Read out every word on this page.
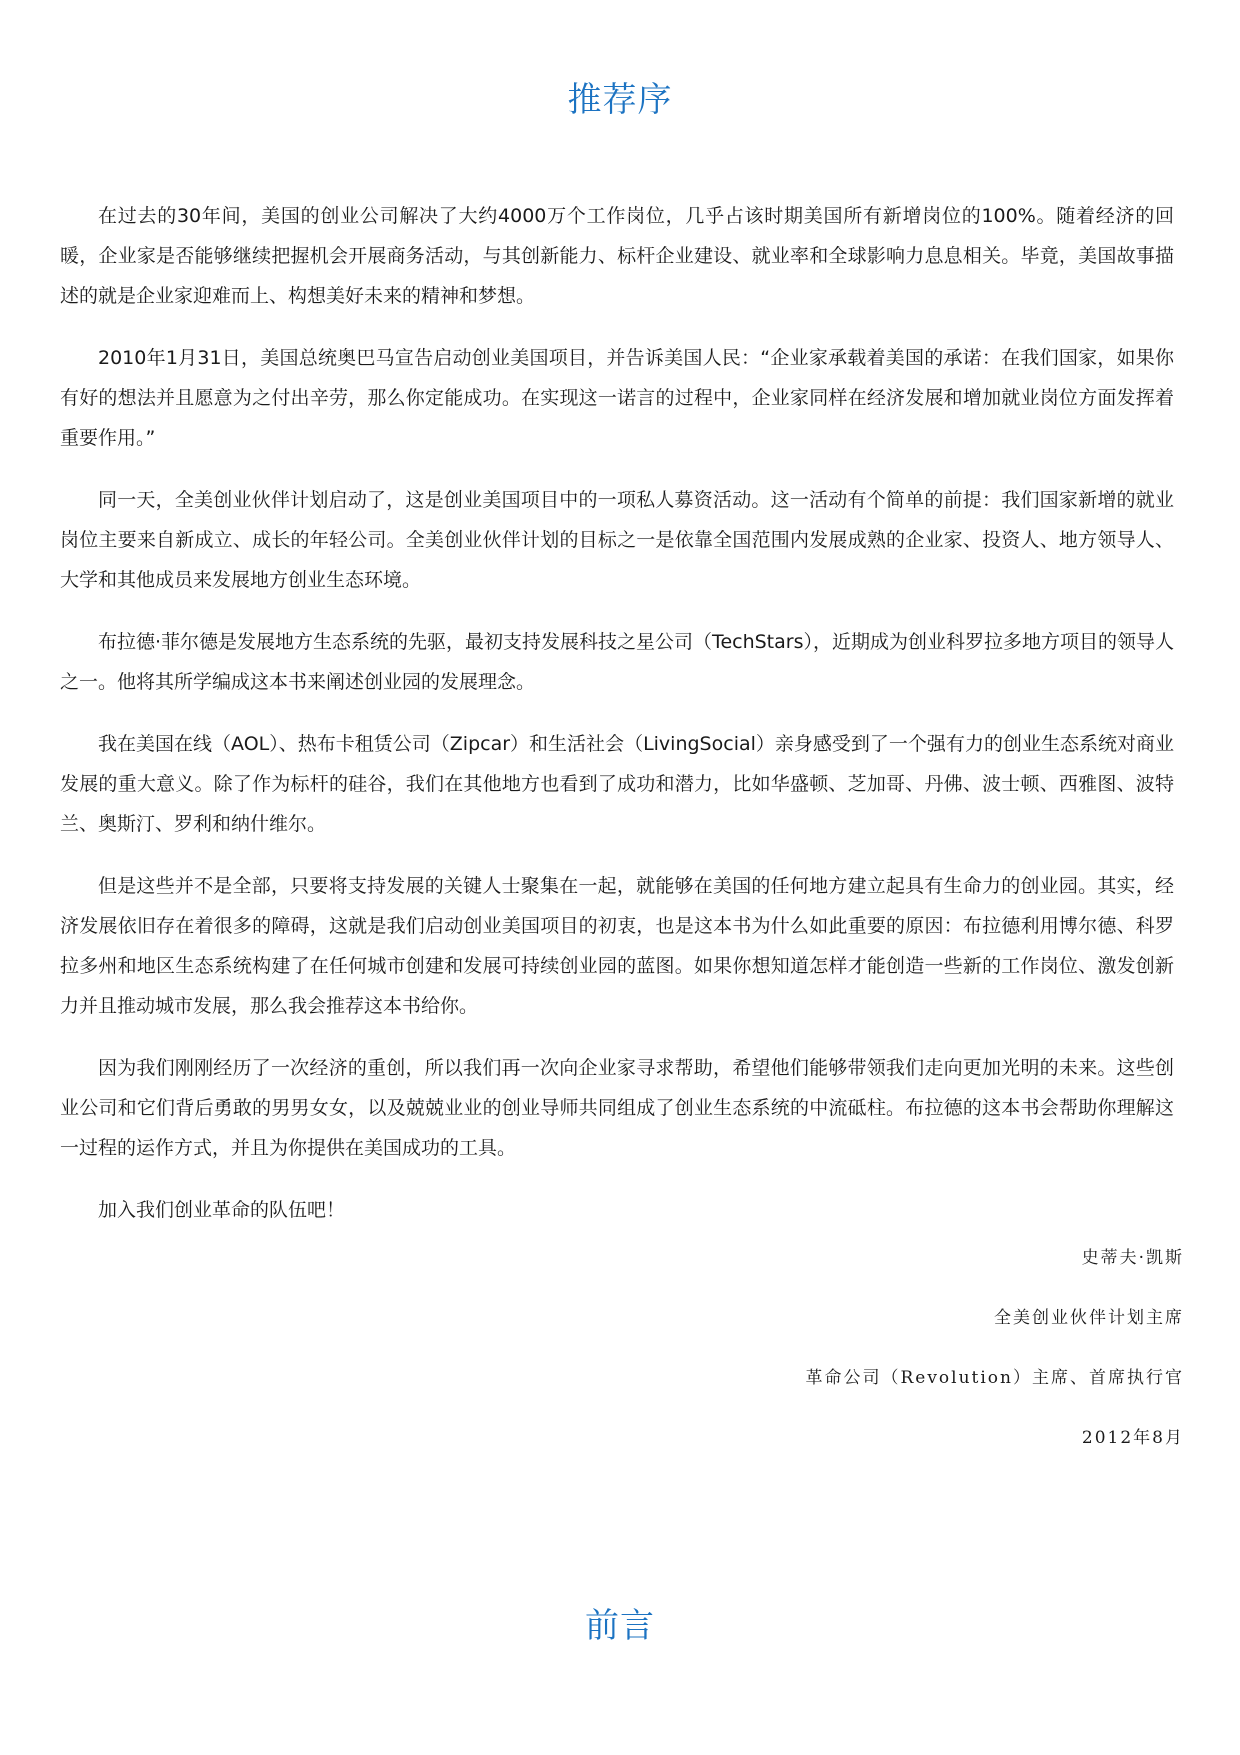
推荐序

在过去的30年间，美国的创业公司解决了大约4000万个工作岗位，几乎占该时期美国所有新增岗位的100%。随着经济的回暖，企业家是否能够继续把握机会开展商务活动，与其创新能力、标杆企业建设、就业率和全球影响力息息相关。毕竟，美国故事描述的就是企业家迎难而上、构想美好未来的精神和梦想。

2010年1月31日，美国总统奥巴马宣告启动创业美国项目，并告诉美国人民：“企业家承载着美国的承诺：在我们国家，如果你有好的想法并且愿意为之付出辛劳，那么你定能成功。在实现这一诺言的过程中，企业家同样在经济发展和增加就业岗位方面发挥着重要作用。”

同一天，全美创业伙伴计划启动了，这是创业美国项目中的一项私人募资活动。这一活动有个简单的前提：我们国家新增的就业岗位主要来自新成立、成长的年轻公司。全美创业伙伴计划的目标之一是依靠全国范围内发展成熟的企业家、投资人、地方领导人、大学和其他成员来发展地方创业生态环境。

布拉德·菲尔德是发展地方生态系统的先驱，最初支持发展科技之星公司（TechStars），近期成为创业科罗拉多地方项目的领导人之一。他将其所学编成这本书来阐述创业园的发展理念。

我在美国在线（AOL）、热布卡租赁公司（Zipcar）和生活社会（LivingSocial）亲身感受到了一个强有力的创业生态系统对商业发展的重大意义。除了作为标杆的硅谷，我们在其他地方也看到了成功和潜力，比如华盛顿、芝加哥、丹佛、波士顿、西雅图、波特兰、奥斯汀、罗利和纳什维尔。

但是这些并不是全部，只要将支持发展的关键人士聚集在一起，就能够在美国的任何地方建立起具有生命力的创业园。其实，经济发展依旧存在着很多的障碍，这就是我们启动创业美国项目的初衷，也是这本书为什么如此重要的原因：布拉德利用博尔德、科罗拉多州和地区生态系统构建了在任何城市创建和发展可持续创业园的蓝图。如果你想知道怎样才能创造一些新的工作岗位、激发创新力并且推动城市发展，那么我会推荐这本书给你。

因为我们刚刚经历了一次经济的重创，所以我们再一次向企业家寻求帮助，希望他们能够带领我们走向更加光明的未来。这些创业公司和它们背后勇敢的男男女女，以及兢兢业业的创业导师共同组成了创业生态系统的中流砥柱。布拉德的这本书会帮助你理解这一过程的运作方式，并且为你提供在美国成功的工具。

加入我们创业革命的队伍吧！

史蒂夫·凯斯
全美创业伙伴计划主席
革命公司（Revolution）主席、首席执行官
2012年8月
前言
